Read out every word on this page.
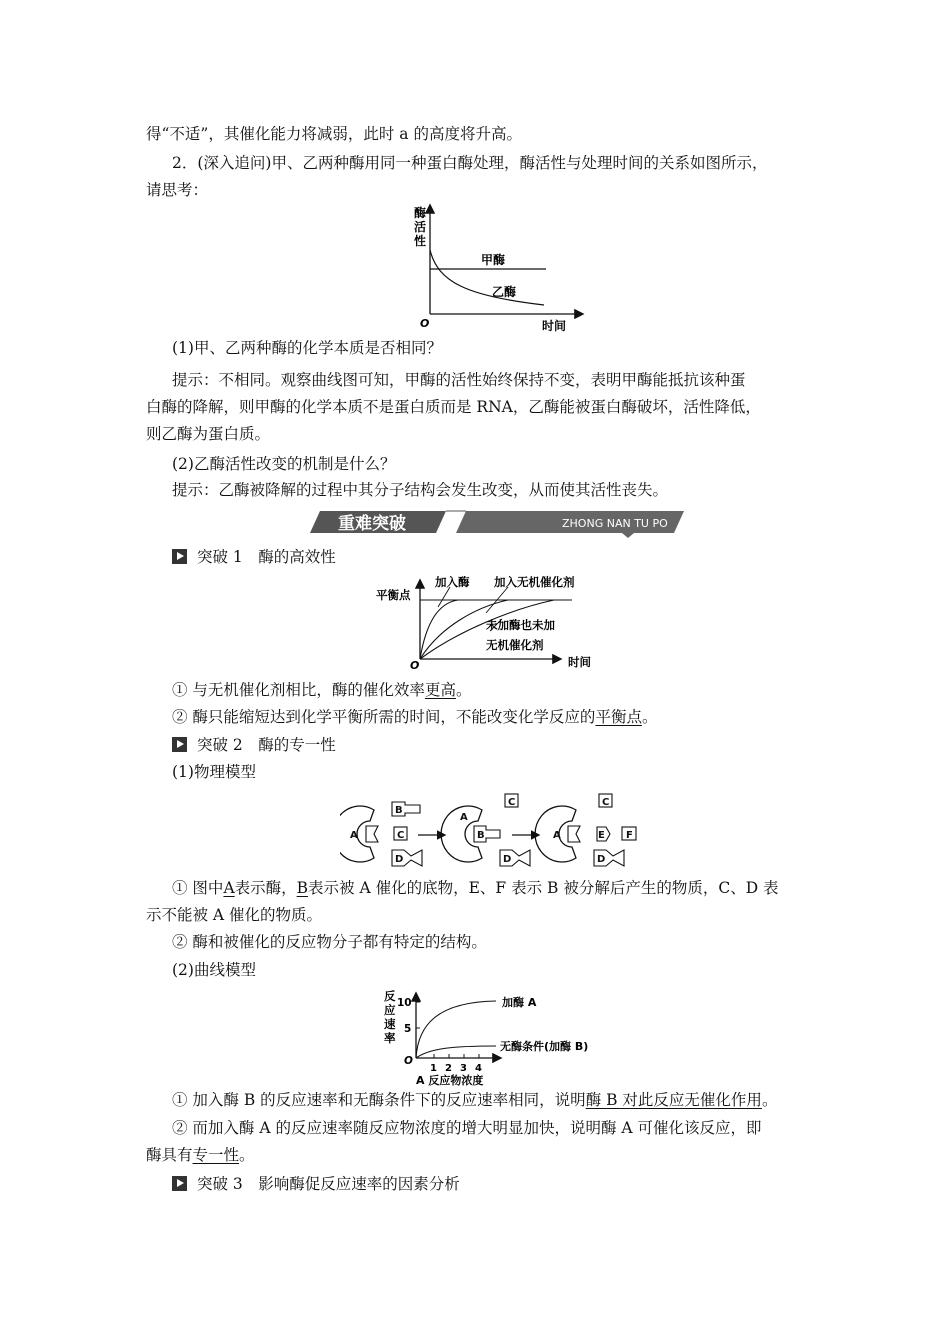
得“不适”，其催化能力将减弱，此时 a 的高度将升高。
2．(深入追问)甲、乙两种酶用同一种蛋白酶处理，酶活性与处理时间的关系如图所示，
请思考：
酶
活
性
甲酶
乙酶
O	时间
(1)甲、乙两种酶的化学本质是否相同？
提示：不相同。观察曲线图可知，甲酶的活性始终保持不变，表明甲酶能抵抗该种蛋
白酶的降解，则甲酶的化学本质不是蛋白质而是 RNA，乙酶能被蛋白酶破坏，活性降低，
则乙酶为蛋白质。
(2)乙酶活性改变的机制是什么？
提示：乙酶被降解的过程中其分子结构会发生改变，从而使其活性丧失。
重难突破	ZHONG NAN TU PO
突破 1　酶的高效性
平衡点
加入酶 加入无机催化剂
未加酶也未加
无机催化剂
O	时间
① 与无机催化剂相比，酶的催化效率更高。
② 酶只能缩短达到化学平衡所需的时间，不能改变化学反应的平衡点。
突破 2　酶的专一性
(1)物理模型
A
B
C
D
A
B
C
D
A
C
E F
D
① 图中A表示酶，B表示被 A 催化的底物，E、F 表示 B 被分解后产生的物质，C、D 表
示不能被 A 催化的物质。
② 酶和被催化的反应物分子都有特定的结构。
(2)曲线模型
反
应
速
率
10
5
O
1 2 3 4
A 反应物浓度
加酶 A
无酶条件(加酶 B)
① 加入酶 B 的反应速率和无酶条件下的反应速率相同，说明酶 B 对此反应无催化作用。
② 而加入酶 A 的反应速率随反应物浓度的增大明显加快，说明酶 A 可催化该反应，即
酶具有专一性。
突破 3　影响酶促反应速率的因素分析
